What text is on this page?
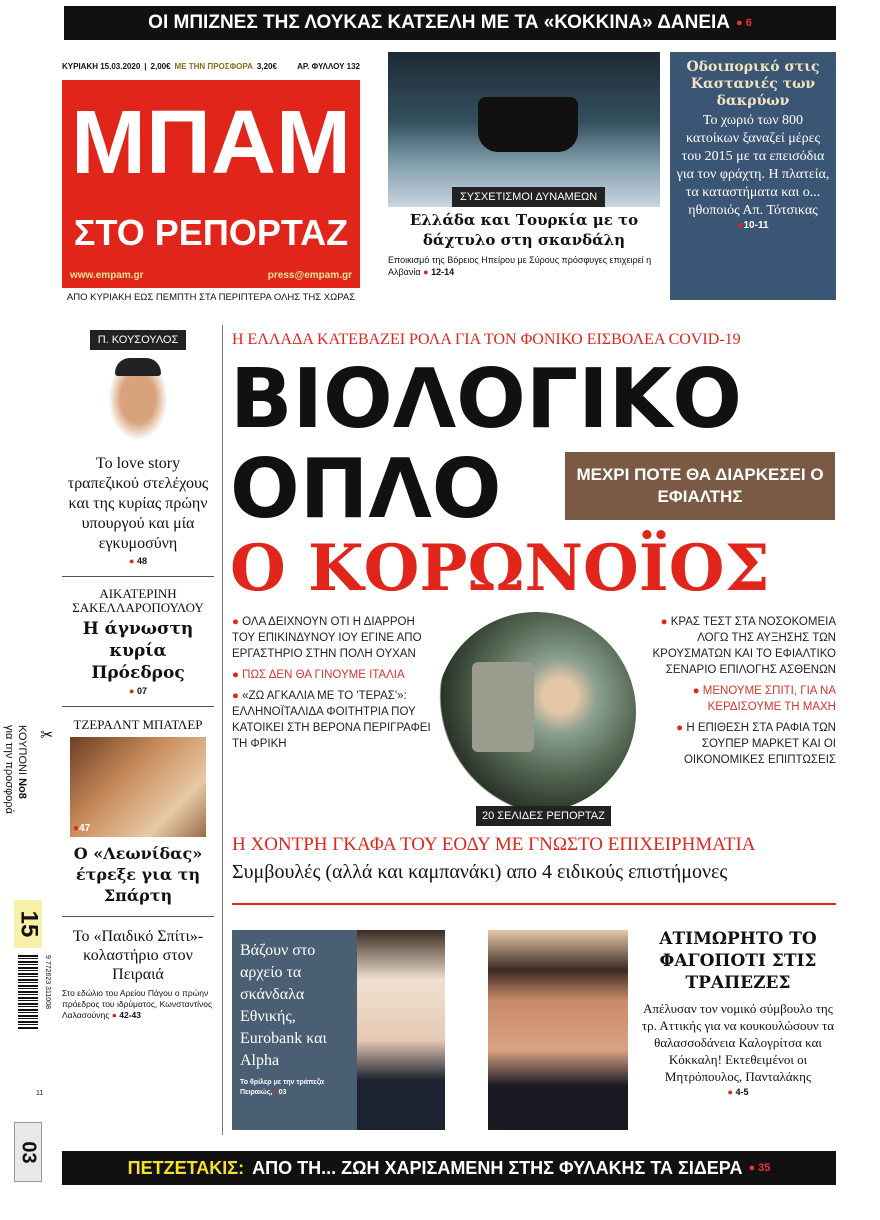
ΟΙ ΜΠΙΖΝΕΣ ΤΗΣ ΛΟΥΚΑΣ ΚΑΤΣΕΛΗ ΜΕ ΤΑ «ΚΟΚΚΙΝΑ» ΔΑΝΕΙΑ ● 6
ΚΥΡΙΑΚΗ 15.03.2020 | 2,00€ ΜΕ ΤΗΝ ΠΡΟΣΦΟΡΑ 3,20€	ΑΡ. ΦΥΛΛΟΥ 132
ΜΠΑΜ
ΣΤΟ ΡΕΠΟΡΤΑΖ
www.empam.gr	press@empam.gr
ΑΠΟ ΚΥΡΙΑΚΗ ΕΩΣ ΠΕΜΠΤΗ ΣΤΑ ΠΕΡΙΠΤΕΡΑ ΟΛΗΣ ΤΗΣ ΧΩΡΑΣ
ΣΥΣΧΕΤΙΣΜΟΙ ΔΥΝΑΜΕΩΝ
Ελλάδα και Τουρκία με το δάχτυλο στη σκανδάλη
Εποικισμό της Βόρειος Ηπείρου με Σύρους πρόσφυγες επιχειρεί η Αλβανία ● 12-14
Οδοιπορικό στις Καστανιές των δακρύων
Το χωριό των 800 κατοίκων ξαναζεί μέρες του 2015 με τα επεισόδια για τον φράχτη. Η πλατεία, τα καταστήματα και ο... ηθοποιός Απ. Τότσικας
●10-11
Π. ΚΟΥΣΟΥΛΟΣ
Το love story τραπεζικού στελέχους και της κυρίας πρώην υπουργού και μία εγκυμοσύνη
● 48
ΑΙΚΑΤΕΡΙΝΗ ΣΑΚΕΛΛΑΡΟΠΟΥΛΟΥ
Η άγνωστη κυρία Πρόεδρος
● 07
ΤΖΕΡΑΛΝΤ ΜΠΑΤΛΕΡ
●47
Ο «Λεωνίδας» έτρεξε για τη Σπάρτη
Το «Παιδικό Σπίτι»-κολαστήριο στον Πειραιά
Στο εδώλιο του Αρείου Πάγου ο πρώην πρόεδρος του ιδρύματος, Κωνσταντίνος Λαλασούνης ● 42-43
ΚΟΥΠΟΝΙ No8
για την προσφορά	✂
15
9 772623 311008
11
03
Η ΕΛΛΑΔΑ ΚΑΤΕΒΑΖΕΙ ΡΟΛΑ ΓΙΑ ΤΟΝ ΦΟΝΙΚΟ ΕΙΣΒΟΛΕΑ COVID-19
ΒΙΟΛΟΓΙΚΟ
ΟΠΛΟ	ΜΕΧΡΙ ΠΟΤΕ ΘΑ ΔΙΑΡΚΕΣΕΙ Ο ΕΦΙΑΛΤΗΣ
Ο ΚΟΡΩΝΟΪΟΣ

● ΟΛΑ ΔΕΙΧΝΟΥΝ ΟΤΙ Η ΔΙΑΡΡΟΗ ΤΟΥ ΕΠΙΚΙΝΔΥΝΟΥ ΙΟΥ ΕΓΙΝΕ ΑΠΟ ΕΡΓΑΣΤΗΡΙΟ ΣΤΗΝ ΠΟΛΗ ΟΥΧΑΝ

● ΠΩΣ ΔΕΝ ΘΑ ΓΙΝΟΥΜΕ ΙΤΑΛΙΑ

● «ΖΩ ΑΓΚΑΛΙΑ ΜΕ ΤΟ 'ΤΕΡΑΣ'»: ΕΛΛΗΝΟΪΤΑΛΙΔΑ ΦΟΙΤΗΤΡΙΑ ΠΟΥ ΚΑΤΟΙΚΕΙ ΣΤΗ ΒΕΡΟΝΑ ΠΕΡΙΓΡΑΦΕΙ ΤΗ ΦΡΙΚΗ

20 ΣΕΛΙΔΕΣ ΡΕΠΟΡΤΑΖ

● ΚΡΑΣ ΤΕΣΤ ΣΤΑ ΝΟΣΟΚΟΜΕΙΑ ΛΟΓΩ ΤΗΣ ΑΥΞΗΣΗΣ ΤΩΝ ΚΡΟΥΣΜΑΤΩΝ ΚΑΙ ΤΟ ΕΦΙΑΛΤΙΚΟ ΣΕΝΑΡΙΟ ΕΠΙΛΟΓΗΣ ΑΣΘΕΝΩΝ

● ΜΕΝΟΥΜΕ ΣΠΙΤΙ, ΓΙΑ ΝΑ ΚΕΡΔΙΣΟΥΜΕ ΤΗ ΜΑΧΗ

● Η ΕΠΙΘΕΣΗ ΣΤΑ ΡΑΦΙΑ ΤΩΝ ΣΟΥΠΕΡ ΜΑΡΚΕΤ ΚΑΙ ΟΙ ΟΙΚΟΝΟΜΙΚΕΣ ΕΠΙΠΤΩΣΕΙΣ

Η ΧΟΝΤΡΗ ΓΚΑΦΑ ΤΟΥ ΕΟΔΥ ΜΕ ΓΝΩΣΤΟ ΕΠΙΧΕΙΡΗΜΑΤΙΑ
Συμβουλές (αλλά και καμπανάκι) απο 4 ειδικούς επιστήμονες
Βάζουν στο αρχείο τα σκάνδαλα Εθνικής, Eurobank και Alpha
Το θρίλερ με την τράπεζα Πειραιώς, ●03
ΑΤΙΜΩΡΗΤΟ ΤΟ ΦΑΓΟΠΟΤΙ ΣΤΙΣ ΤΡΑΠΕΖΕΣ
Απέλυσαν τον νομικό σύμβουλο της τρ. Αττικής για να κουκουλώσουν τα θαλασσοδάνεια Καλογρίτσα και Κόκκαλη! Εκτεθειμένοι οι Μητρόπουλος, Πανταλάκης
● 4-5
ΠΕΤΖΕΤΑΚΙΣ: ΑΠΟ ΤΗ... ΖΩΗ ΧΑΡΙΣΑΜΕΝΗ ΣΤΗΣ ΦΥΛΑΚΗΣ ΤΑ ΣΙΔΕΡΑ ● 35
